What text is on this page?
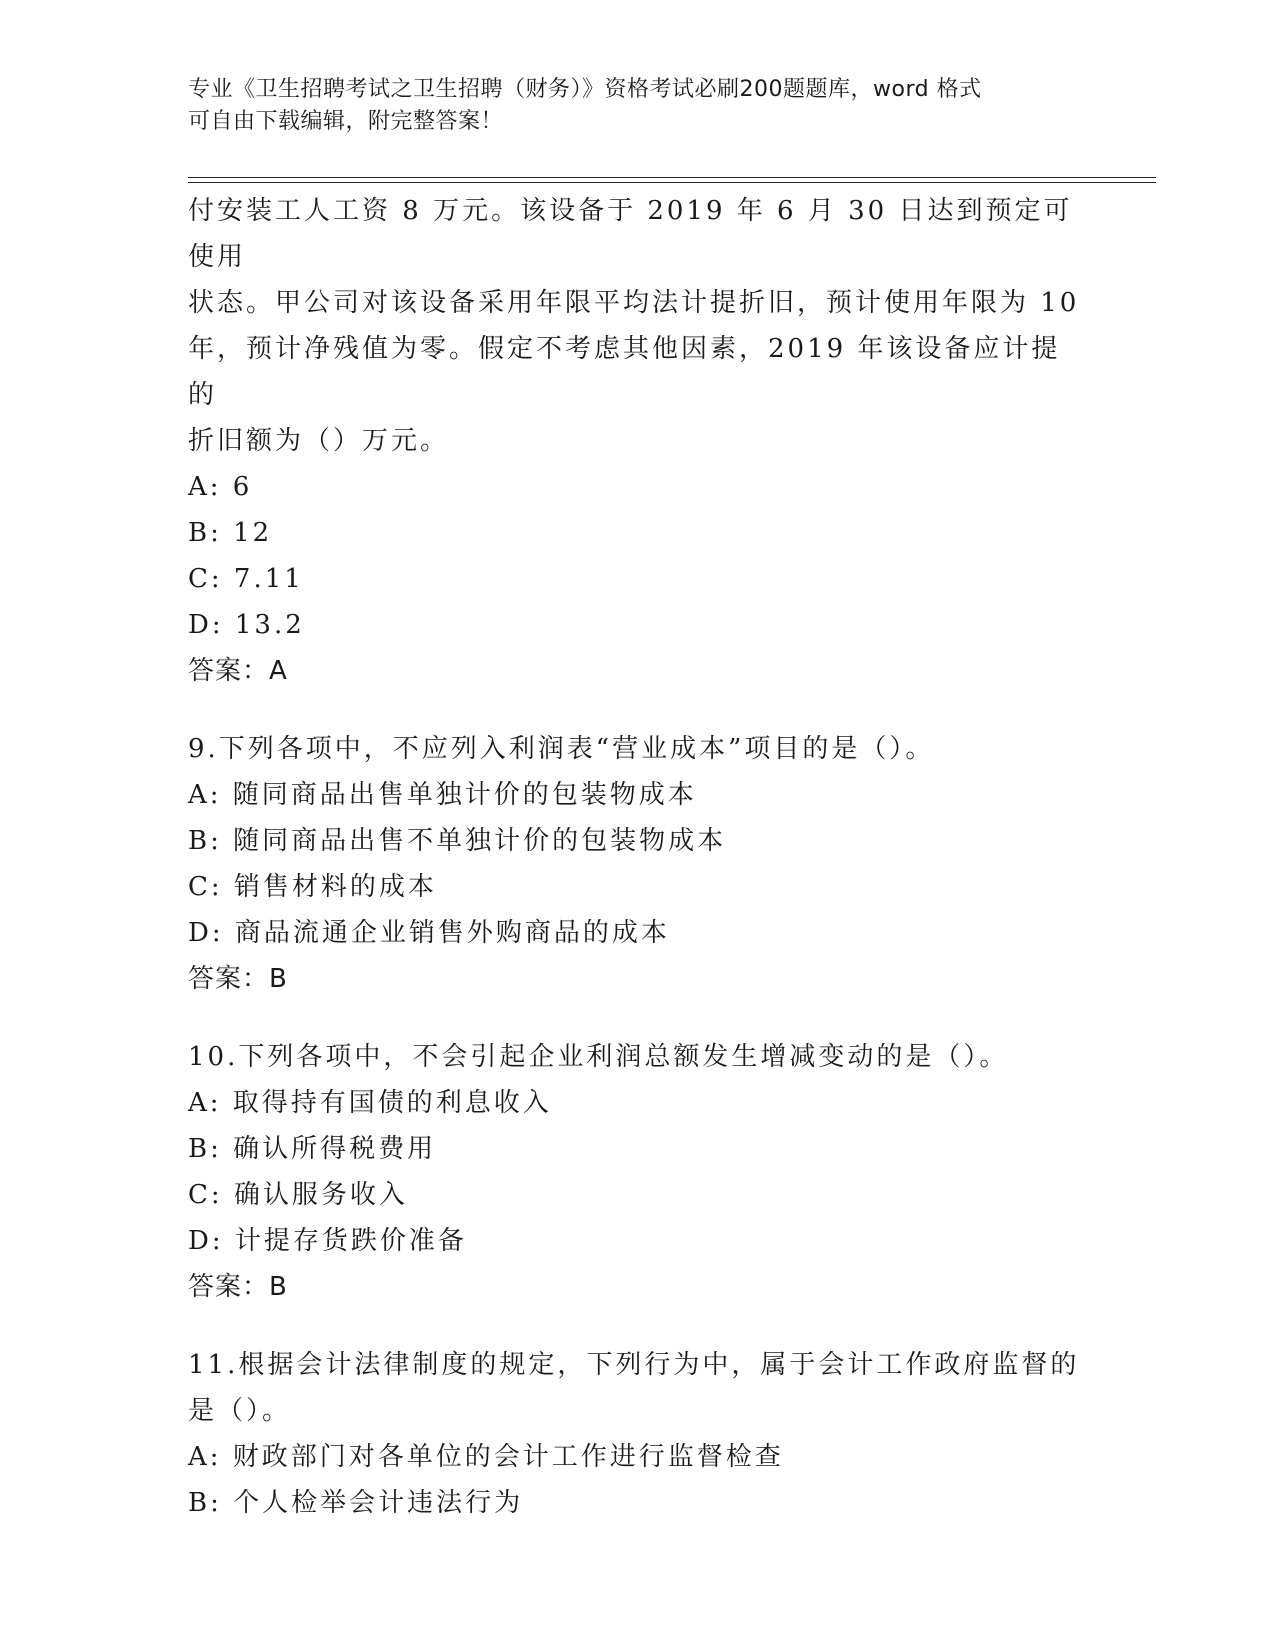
专业《卫生招聘考试之卫生招聘（财务）》资格考试必刷200题题库，word 格式
可自由下载编辑，附完整答案！

付安装工人工资 8 万元。该设备于 2019 年 6 月 30 日达到预定可使用

状态。甲公司对该设备采用年限平均法计提折旧，预计使用年限为 10

年，预计净残值为零。假定不考虑其他因素，2019 年该设备应计提的

折旧额为（）万元。

A: 6

B: 12

C: 7.11

D: 13.2

答案：A

9.下列各项中，不应列入利润表“营业成本”项目的是（）。

A: 随同商品出售单独计价的包装物成本

B: 随同商品出售不单独计价的包装物成本

C: 销售材料的成本

D: 商品流通企业销售外购商品的成本

答案：B

10.下列各项中，不会引起企业利润总额发生增减变动的是（）。

A: 取得持有国债的利息收入

B: 确认所得税费用

C: 确认服务收入

D: 计提存货跌价准备

答案：B

11.根据会计法律制度的规定，下列行为中，属于会计工作政府监督的

是（）。

A: 财政部门对各单位的会计工作进行监督检查

B: 个人检举会计违法行为
